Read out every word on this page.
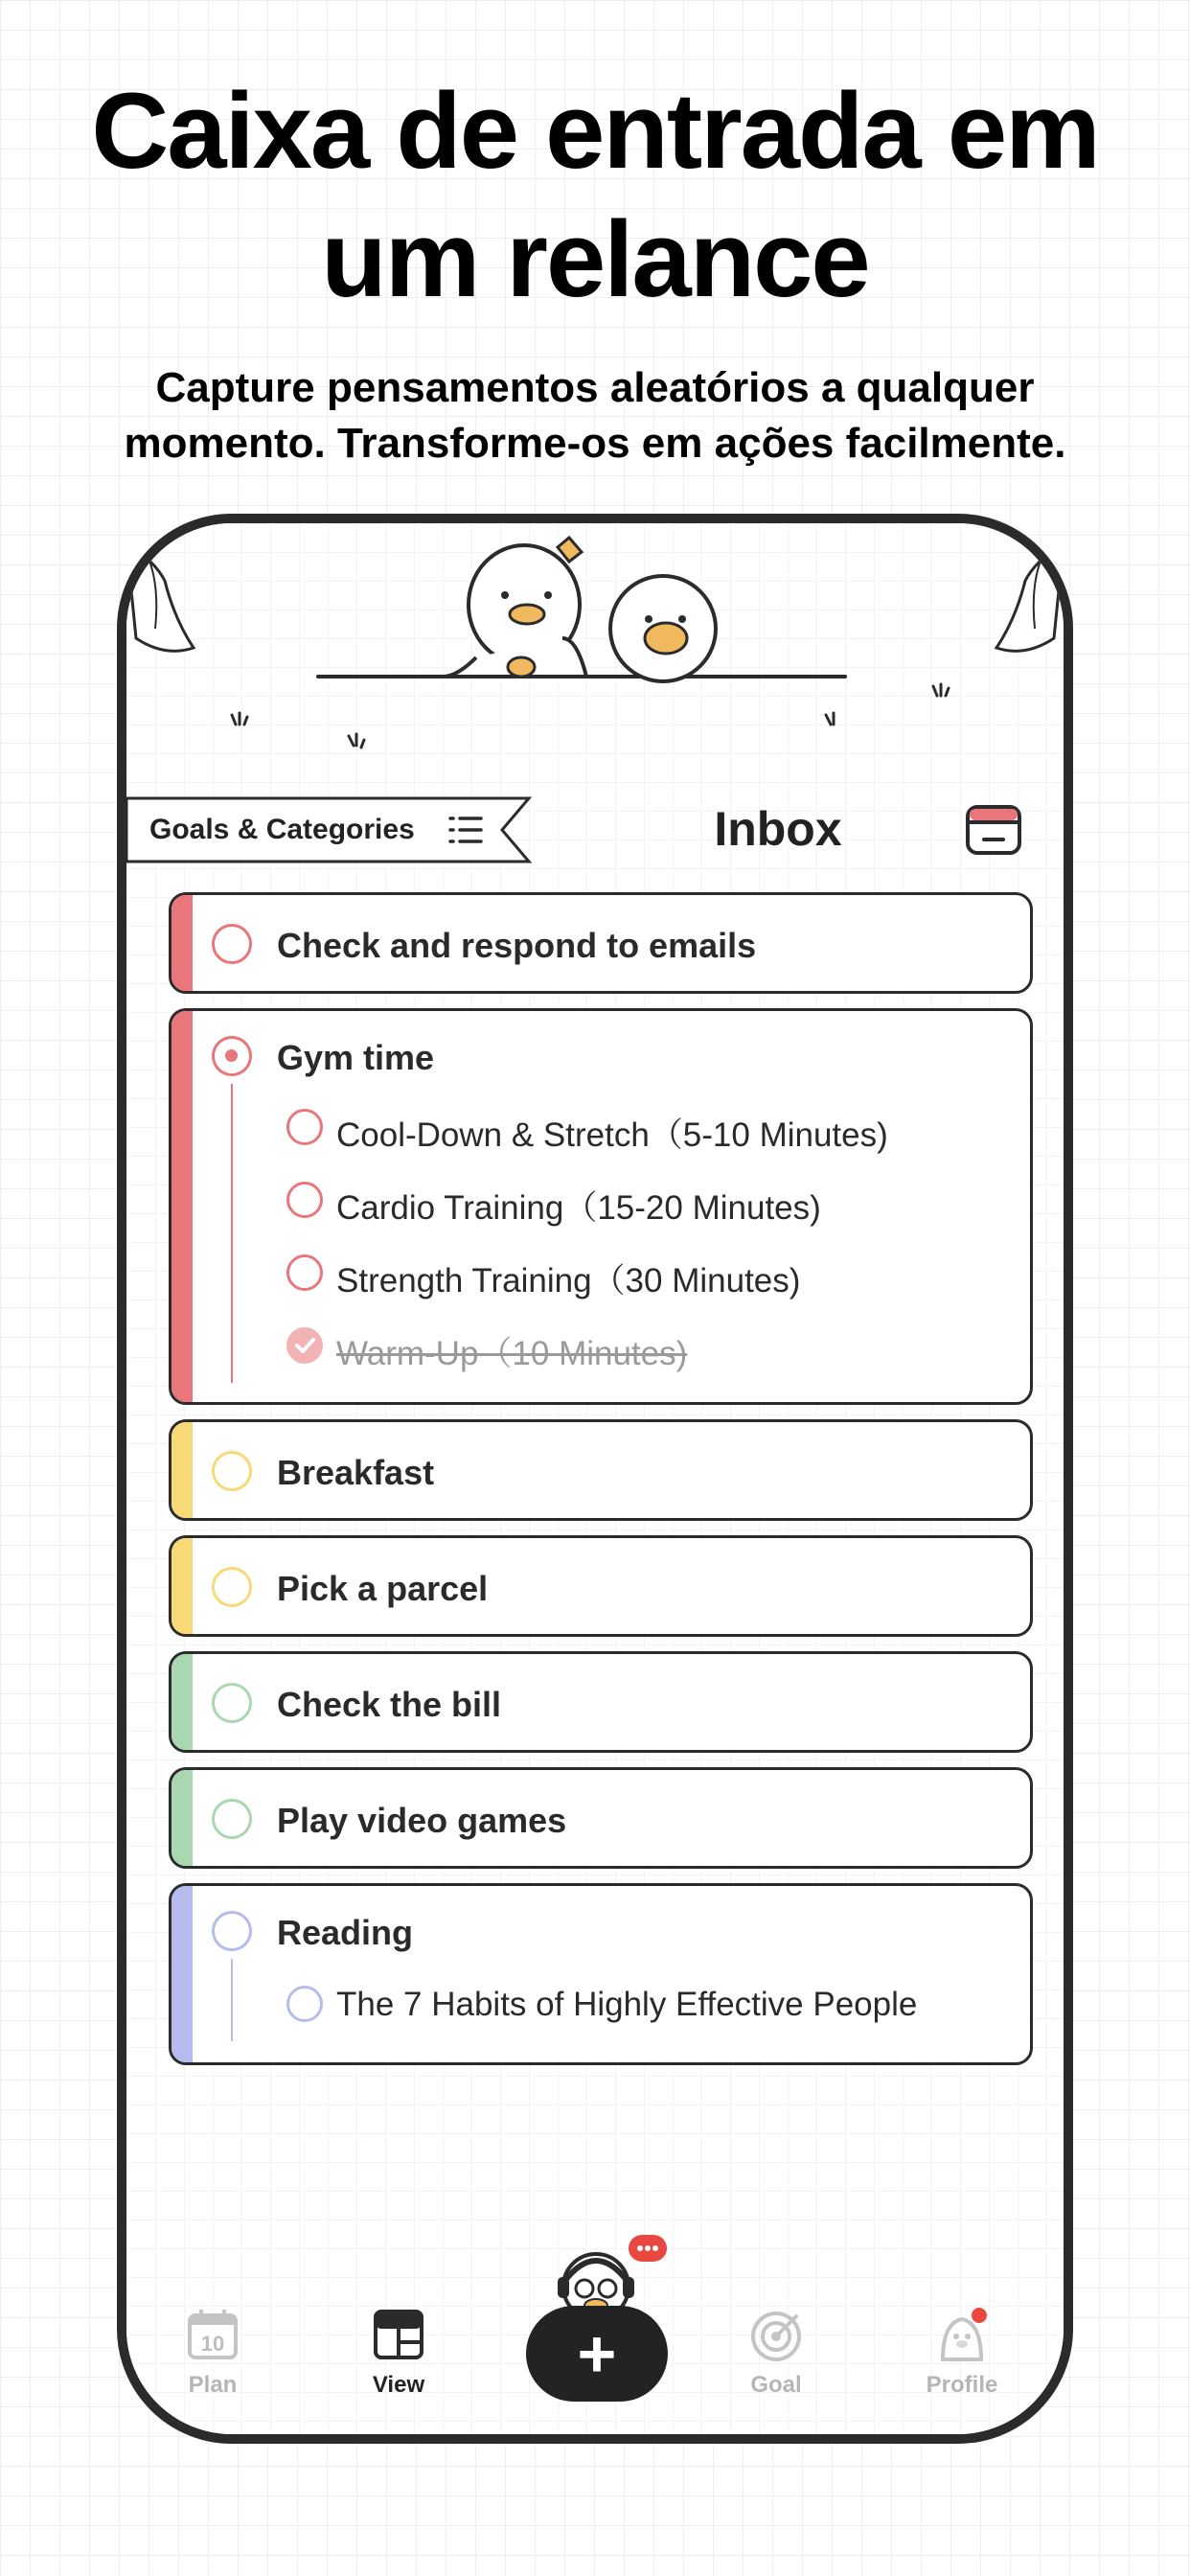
Caixa de entrada em
um relance
Capture pensamentos aleatórios a qualquer
momento. Transforme-os em ações facilmente.
Goals & Categories	Inbox
Check and respond to emails
Gym time
Cool-Down & Stretch（5-10 Minutes)
Cardio Training（15-20 Minutes)
Strength Training（30 Minutes)
Warm-Up（10 Minutes)
Breakfast
Pick a parcel
Check the bill
Play video games
Reading
The 7 Habits of Highly Effective People
10
Plan	View	+	Goal	Profile
